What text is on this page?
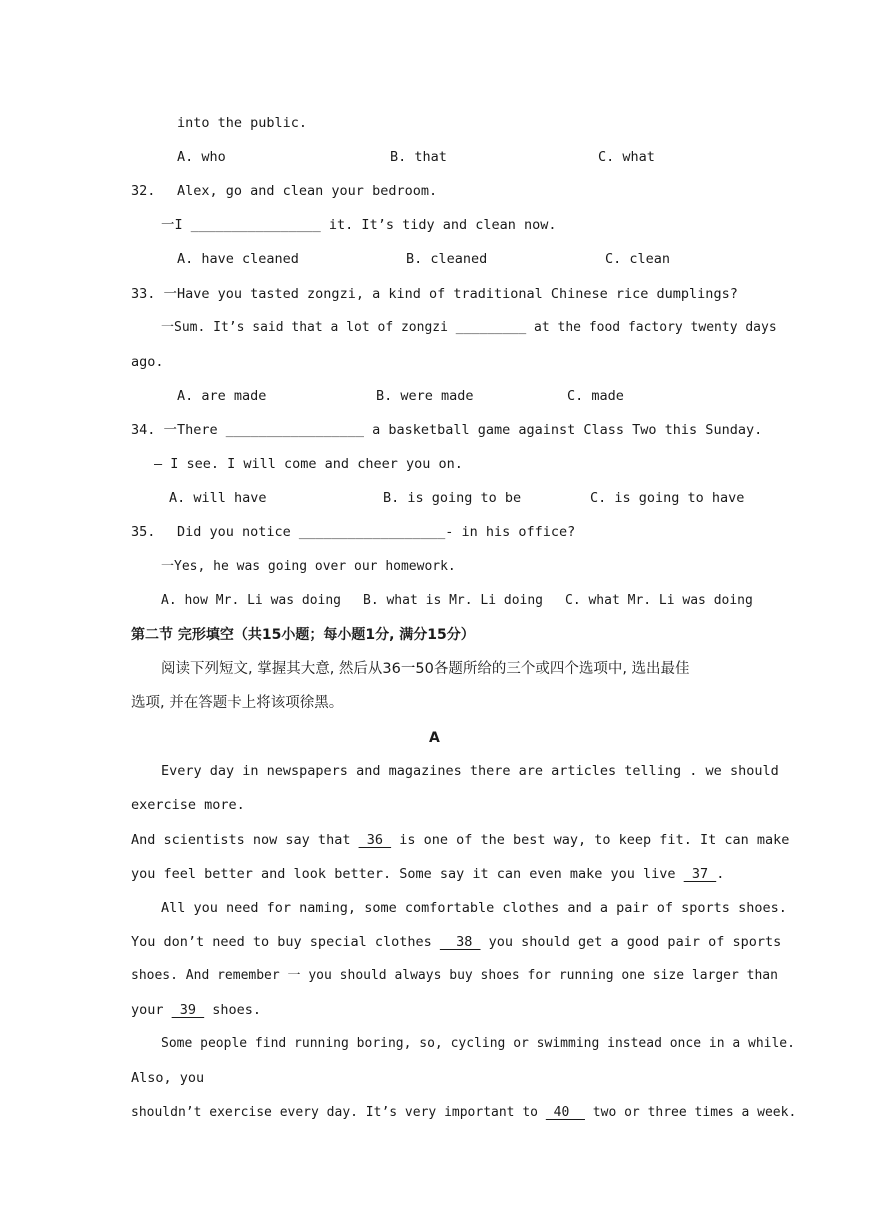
into the public.
A. who	B. that	C. what
32. Alex, go and clean your bedroom.
一I ________________ it. It’s tidy and clean now.
A. have cleaned	B. cleaned	C. clean
33. 一Have you tasted zongzi, a kind of traditional Chinese rice dumplings?
一Sum. It’s said that a lot of zongzi _________ at the food factory twenty days
ago.
A. are made	B. were made	C. made
34. 一There _________________ a basketball game against Class Two this Sunday.
— I see. I will come and cheer you on.
A. will have	B. is going to be	C. is going to have
35. Did you notice __________________- in his office?
一Yes, he was going over our homework.
A. how Mr. Li was doing B. what is Mr. Li doing C. what Mr. Li was doing
第二节 完形填空（共15小题；每小题1分, 满分15分）
阅读下列短文, 掌握其大意, 然后从36一50各题所给的三个或四个选项中, 选出最佳
选项, 并在答题卡上将该项徐黑。
A
Every day in newspapers and magazines there are articles telling . we should
exercise more.
And scientists now say that  36  is one of the best way, to keep fit. It can make
you feel better and look better. Some say it can even make you live  37 .
All you need for naming, some comfortable clothes and a pair of sports shoes.
You don’t need to buy special clothes   38  you should get a good pair of sports
shoes. And remember 一 you should always buy shoes for running one size larger than
your  39  shoes.
Some people find running boring, so, cycling or swimming instead once in a while.
Also, you
shouldn’t exercise every day. It’s very important to  40   two or three times a week.
